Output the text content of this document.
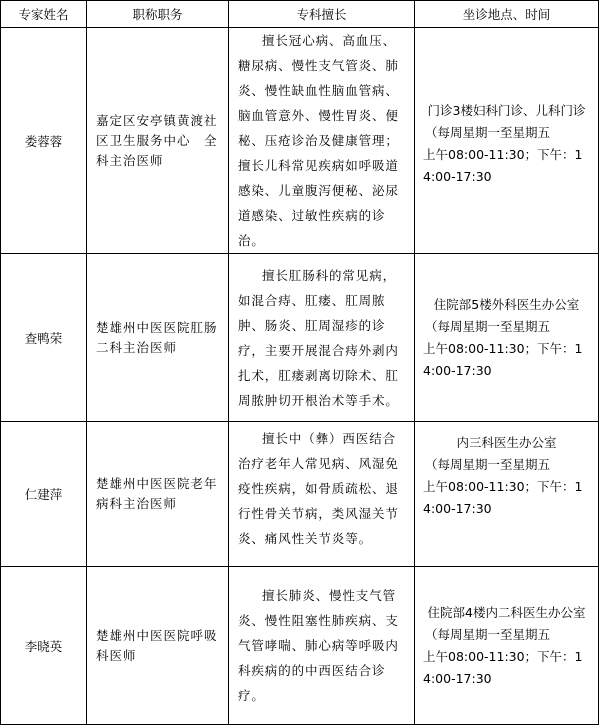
专家姓名	职称职务	专科擅长	坐诊地点、时间
娄蓉蓉	嘉定区安亭镇黄渡社区卫生服务中心　全科主治医师	擅长冠心病、高血压、糖尿病、慢性支气管炎、肺炎、慢性缺血性脑血管病、脑血管意外、慢性胃炎、便秘、压疮诊治及健康管理；擅长儿科常见疾病如呼吸道感染、儿童腹泻便秘、泌尿道感染、过敏性疾病的诊治。	门诊3楼妇科门诊、儿科门诊
（每周星期一至星期五
上午08:00-11:30；下午：14:00-17:30

查鸭荣	楚雄州中医医院肛肠二科主治医师	擅长肛肠科的常见病，如混合痔、肛瘘、肛周脓肿、肠炎、肛周湿疹的诊疗，主要开展混合痔外剥内扎术，肛瘘剥离切除术、肛周脓肿切开根治术等手术。	住院部5楼外科医生办公室
（每周星期一至星期五
上午08:00-11:30；下午：14:00-17:30

仁建萍	楚雄州中医医院老年病科主治医师	擅长中（彝）西医结合治疗老年人常见病、风湿免疫性疾病，如骨质疏松、退行性骨关节病，类风湿关节炎、痛风性关节炎等。	内三科医生办公室
（每周星期一至星期五
上午08:00-11:30；下午：14:00-17:30

李晓英	楚雄州中医医院呼吸科医师	擅长肺炎、慢性支气管炎、慢性阻塞性肺疾病、支气管哮喘、肺心病等呼吸内科疾病的的中西医结合诊疗。	住院部4楼内二科医生办公室
（每周星期一至星期五
上午08:00-11:30；下午：14:00-17:30
